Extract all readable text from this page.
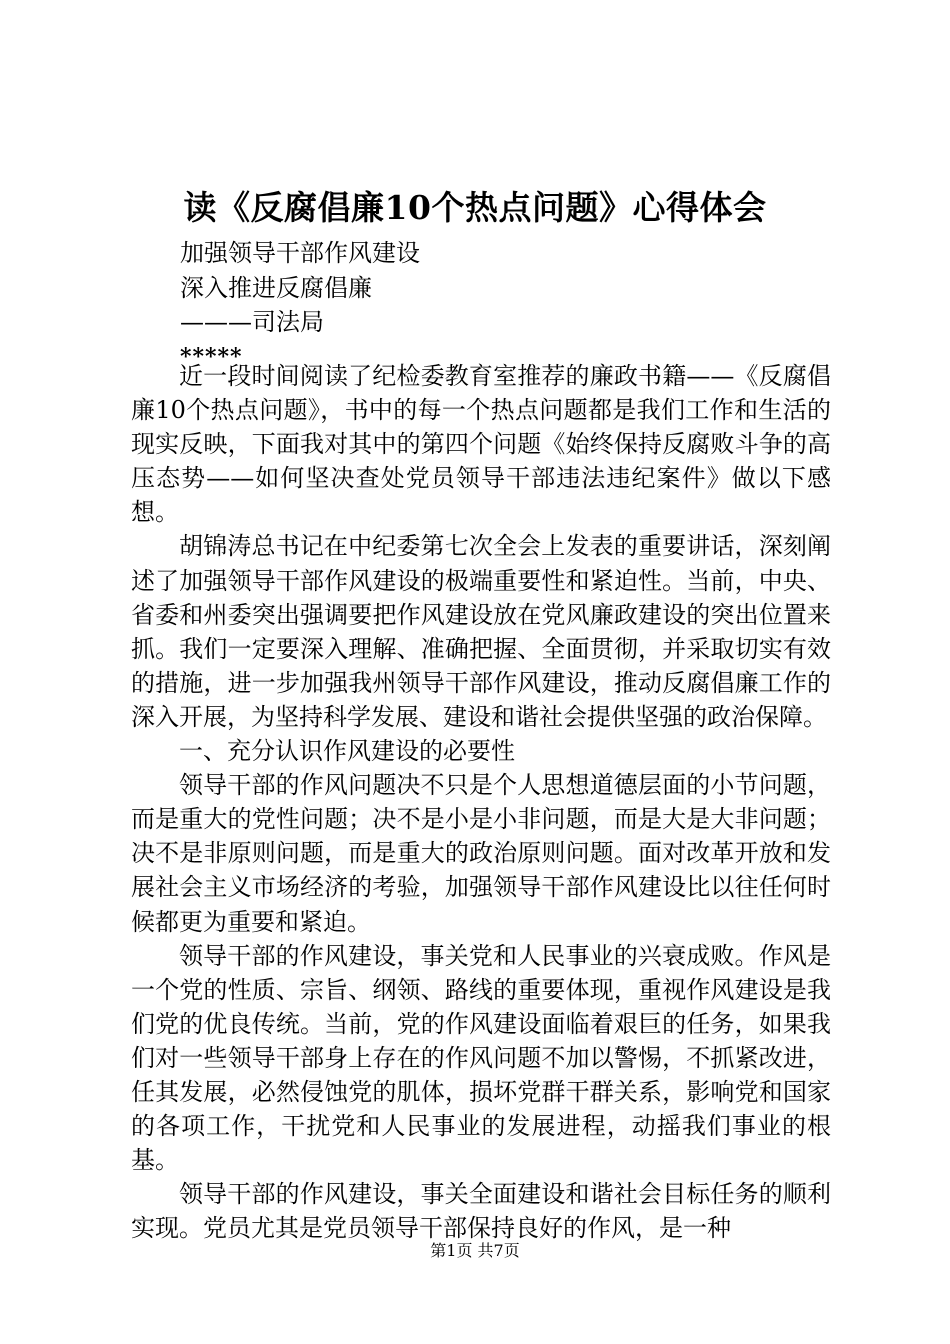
读《反腐倡廉10个热点问题》心得体会
加强领导干部作风建设
深入推进反腐倡廉
———司法局
*****

近一段时间阅读了纪检委教育室推荐的廉政书籍——《反腐倡廉10个热点问题》，书中的每一个热点问题都是我们工作和生活的现实反映，下面我对其中的第四个问题《始终保持反腐败斗争的高压态势——如何坚决查处党员领导干部违法违纪案件》做以下感想。

胡锦涛总书记在中纪委第七次全会上发表的重要讲话，深刻阐述了加强领导干部作风建设的极端重要性和紧迫性。当前，中央、省委和州委突出强调要把作风建设放在党风廉政建设的突出位置来抓。我们一定要深入理解、准确把握、全面贯彻，并采取切实有效的措施，进一步加强我州领导干部作风建设，推动反腐倡廉工作的深入开展，为坚持科学发展、建设和谐社会提供坚强的政治保障。

一、充分认识作风建设的必要性

领导干部的作风问题决不只是个人思想道德层面的小节问题，而是重大的党性问题；决不是小是小非问题，而是大是大非问题；决不是非原则问题，而是重大的政治原则问题。面对改革开放和发展社会主义市场经济的考验，加强领导干部作风建设比以往任何时候都更为重要和紧迫。

领导干部的作风建设，事关党和人民事业的兴衰成败。作风是一个党的性质、宗旨、纲领、路线的重要体现，重视作风建设是我们党的优良传统。当前，党的作风建设面临着艰巨的任务，如果我们对一些领导干部身上存在的作风问题不加以警惕，不抓紧改进，任其发展，必然侵蚀党的肌体，损坏党群干群关系，影响党和国家的各项工作，干扰党和人民事业的发展进程，动摇我们事业的根基。

领导干部的作风建设，事关全面建设和谐社会目标任务的顺利实现。党员尤其是党员领导干部保持良好的作风，是一种

第1页 共7页
